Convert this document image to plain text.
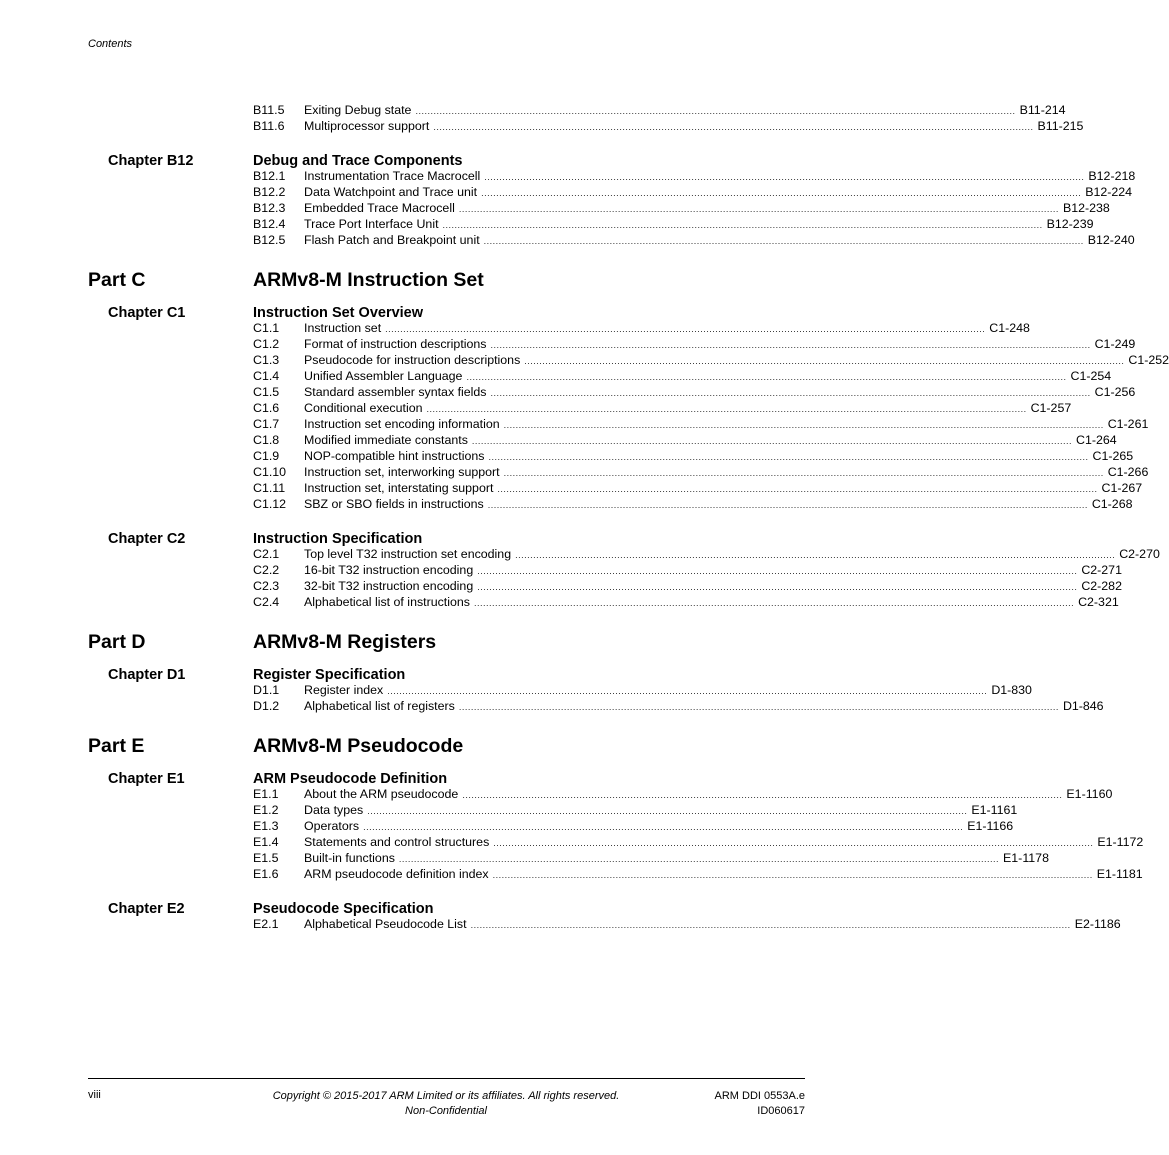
Contents
B11.5	Exiting Debug state ........................................................................................................................................................................................................ B11-214
B11.6	Multiprocessor support ........................................................................................................................................................................................................ B11-215
Chapter B12	Debug and Trace Components
B12.1	Instrumentation Trace Macrocell ........................................................................................................................................................................................................ B12-218
B12.2	Data Watchpoint and Trace unit ........................................................................................................................................................................................................ B12-224
B12.3	Embedded Trace Macrocell ........................................................................................................................................................................................................ B12-238
B12.4	Trace Port Interface Unit ........................................................................................................................................................................................................ B12-239
B12.5	Flash Patch and Breakpoint unit ........................................................................................................................................................................................................ B12-240
Part C	ARMv8-M Instruction Set
Chapter C1	Instruction Set Overview
C1.1	Instruction set ........................................................................................................................................................................................................ C1-248
C1.2	Format of instruction descriptions ........................................................................................................................................................................................................ C1-249
C1.3	Pseudocode for instruction descriptions ........................................................................................................................................................................................................ C1-252
C1.4	Unified Assembler Language ........................................................................................................................................................................................................ C1-254
C1.5	Standard assembler syntax fields ........................................................................................................................................................................................................ C1-256
C1.6	Conditional execution ........................................................................................................................................................................................................ C1-257
C1.7	Instruction set encoding information ........................................................................................................................................................................................................ C1-261
C1.8	Modified immediate constants ........................................................................................................................................................................................................ C1-264
C1.9	NOP-compatible hint instructions ........................................................................................................................................................................................................ C1-265
C1.10	Instruction set, interworking support ........................................................................................................................................................................................................ C1-266
C1.11	Instruction set, interstating support ........................................................................................................................................................................................................ C1-267
C1.12	SBZ or SBO fields in instructions ........................................................................................................................................................................................................ C1-268
Chapter C2	Instruction Specification
C2.1	Top level T32 instruction set encoding ........................................................................................................................................................................................................ C2-270
C2.2	16-bit T32 instruction encoding ........................................................................................................................................................................................................ C2-271
C2.3	32-bit T32 instruction encoding ........................................................................................................................................................................................................ C2-282
C2.4	Alphabetical list of instructions ........................................................................................................................................................................................................ C2-321
Part D	ARMv8-M Registers
Chapter D1	Register Specification
D1.1	Register index ........................................................................................................................................................................................................ D1-830
D1.2	Alphabetical list of registers ........................................................................................................................................................................................................ D1-846
Part E	ARMv8-M Pseudocode
Chapter E1	ARM Pseudocode Definition
E1.1	About the ARM pseudocode ........................................................................................................................................................................................................ E1-1160
E1.2	Data types ........................................................................................................................................................................................................ E1-1161
E1.3	Operators ........................................................................................................................................................................................................ E1-1166
E1.4	Statements and control structures ........................................................................................................................................................................................................ E1-1172
E1.5	Built-in functions ........................................................................................................................................................................................................ E1-1178
E1.6	ARM pseudocode definition index ........................................................................................................................................................................................................ E1-1181
Chapter E2	Pseudocode Specification
E2.1	Alphabetical Pseudocode List ........................................................................................................................................................................................................ E2-1186
viii	Copyright © 2015-2017 ARM Limited or its affiliates. All rights reserved.
Non-Confidential
ARM DDI 0553A.e
ID060617
